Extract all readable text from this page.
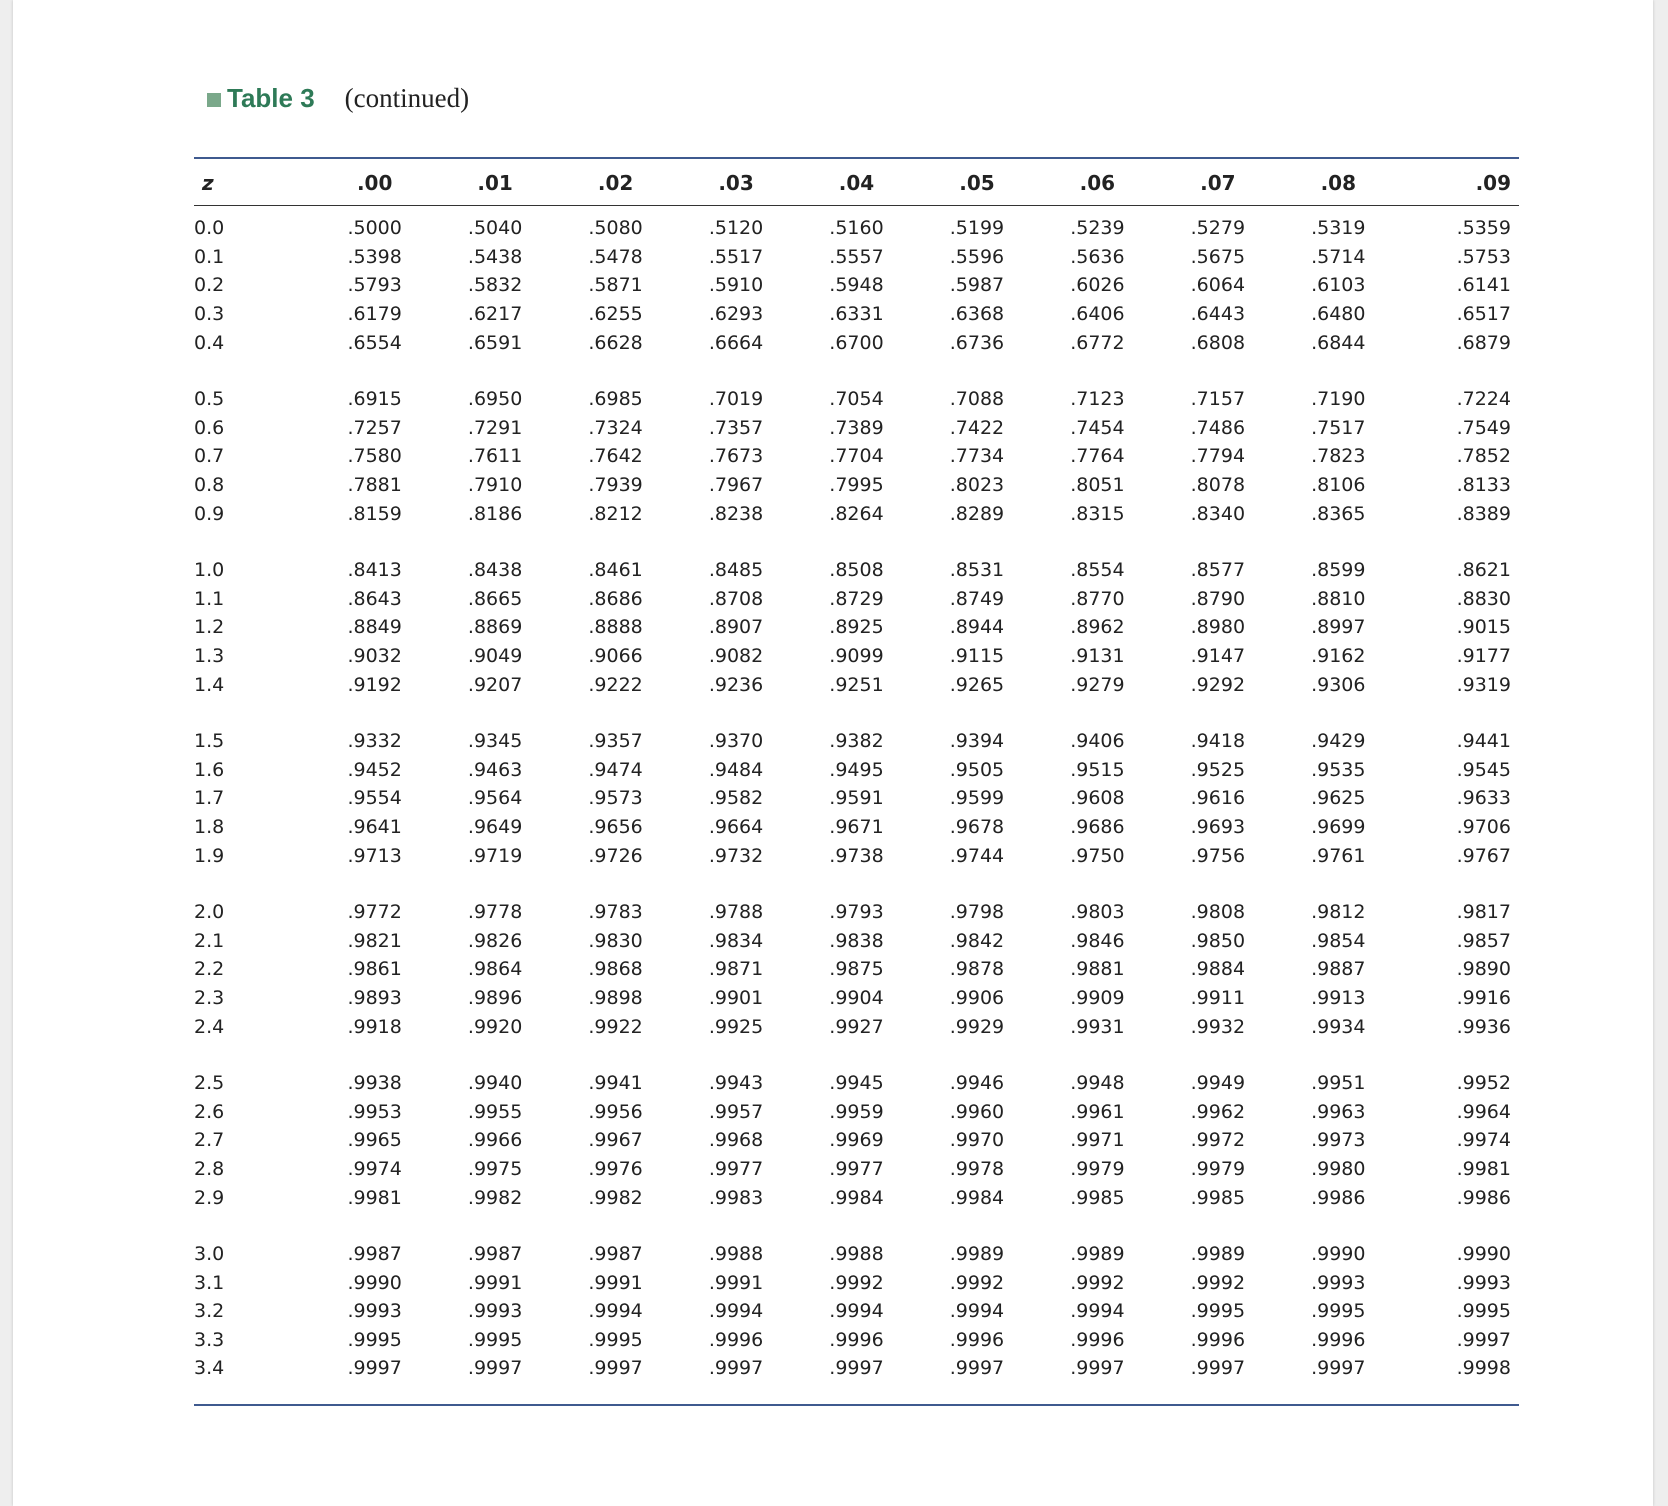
Table 3 (continued)
z	.00	.01	.02	.03	.04	.05	.06	.07	.08	.09

0.0	.5000	.5040	.5080	.5120	.5160	.5199	.5239	.5279	.5319	.5359
0.1	.5398	.5438	.5478	.5517	.5557	.5596	.5636	.5675	.5714	.5753
0.2	.5793	.5832	.5871	.5910	.5948	.5987	.6026	.6064	.6103	.6141
0.3	.6179	.6217	.6255	.6293	.6331	.6368	.6406	.6443	.6480	.6517
0.4	.6554	.6591	.6628	.6664	.6700	.6736	.6772	.6808	.6844	.6879

0.5	.6915	.6950	.6985	.7019	.7054	.7088	.7123	.7157	.7190	.7224
0.6	.7257	.7291	.7324	.7357	.7389	.7422	.7454	.7486	.7517	.7549
0.7	.7580	.7611	.7642	.7673	.7704	.7734	.7764	.7794	.7823	.7852
0.8	.7881	.7910	.7939	.7967	.7995	.8023	.8051	.8078	.8106	.8133
0.9	.8159	.8186	.8212	.8238	.8264	.8289	.8315	.8340	.8365	.8389

1.0	.8413	.8438	.8461	.8485	.8508	.8531	.8554	.8577	.8599	.8621
1.1	.8643	.8665	.8686	.8708	.8729	.8749	.8770	.8790	.8810	.8830
1.2	.8849	.8869	.8888	.8907	.8925	.8944	.8962	.8980	.8997	.9015
1.3	.9032	.9049	.9066	.9082	.9099	.9115	.9131	.9147	.9162	.9177
1.4	.9192	.9207	.9222	.9236	.9251	.9265	.9279	.9292	.9306	.9319

1.5	.9332	.9345	.9357	.9370	.9382	.9394	.9406	.9418	.9429	.9441
1.6	.9452	.9463	.9474	.9484	.9495	.9505	.9515	.9525	.9535	.9545
1.7	.9554	.9564	.9573	.9582	.9591	.9599	.9608	.9616	.9625	.9633
1.8	.9641	.9649	.9656	.9664	.9671	.9678	.9686	.9693	.9699	.9706
1.9	.9713	.9719	.9726	.9732	.9738	.9744	.9750	.9756	.9761	.9767

2.0	.9772	.9778	.9783	.9788	.9793	.9798	.9803	.9808	.9812	.9817
2.1	.9821	.9826	.9830	.9834	.9838	.9842	.9846	.9850	.9854	.9857
2.2	.9861	.9864	.9868	.9871	.9875	.9878	.9881	.9884	.9887	.9890
2.3	.9893	.9896	.9898	.9901	.9904	.9906	.9909	.9911	.9913	.9916
2.4	.9918	.9920	.9922	.9925	.9927	.9929	.9931	.9932	.9934	.9936

2.5	.9938	.9940	.9941	.9943	.9945	.9946	.9948	.9949	.9951	.9952
2.6	.9953	.9955	.9956	.9957	.9959	.9960	.9961	.9962	.9963	.9964
2.7	.9965	.9966	.9967	.9968	.9969	.9970	.9971	.9972	.9973	.9974
2.8	.9974	.9975	.9976	.9977	.9977	.9978	.9979	.9979	.9980	.9981
2.9	.9981	.9982	.9982	.9983	.9984	.9984	.9985	.9985	.9986	.9986

3.0	.9987	.9987	.9987	.9988	.9988	.9989	.9989	.9989	.9990	.9990
3.1	.9990	.9991	.9991	.9991	.9992	.9992	.9992	.9992	.9993	.9993
3.2	.9993	.9993	.9994	.9994	.9994	.9994	.9994	.9995	.9995	.9995
3.3	.9995	.9995	.9995	.9996	.9996	.9996	.9996	.9996	.9996	.9997
3.4	.9997	.9997	.9997	.9997	.9997	.9997	.9997	.9997	.9997	.9998
